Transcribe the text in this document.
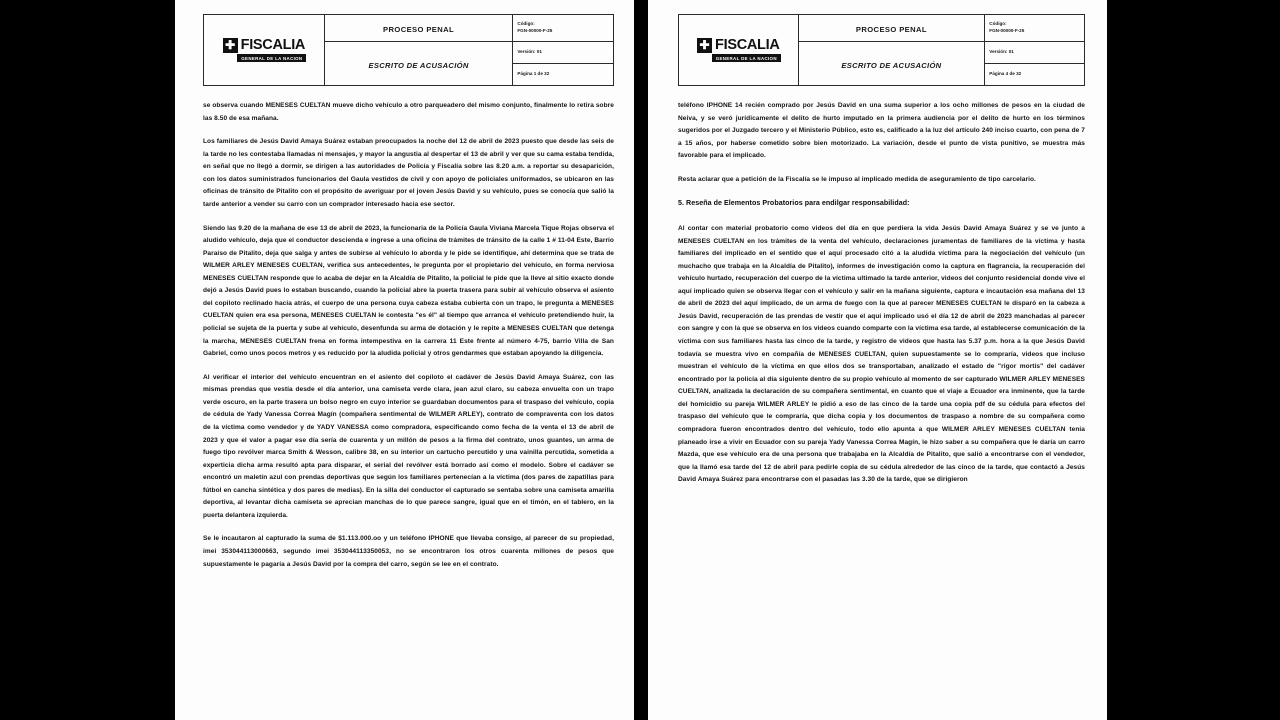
✚ FISCALIA
GENERAL DE LA NACION
	PROCESO PENAL	
Código:
FGN-00000-F-25

	ESCRITO DE ACUSACIÓN	Versión: 01

		Página 1 de 32

se observa cuando MENESES CUELTAN mueve dicho vehículo a otro parqueadero del mismo conjunto, finalmente lo retira sobre las 8.50 de esa mañana.

Los familiares de Jesús David Amaya Suárez estaban preocupados la noche del 12 de abril de 2023 puesto que desde las seis de la tarde no les contestaba llamadas ni mensajes, y mayor la angustia al despertar el 13 de abril y ver que su cama estaba tendida, en señal que no llegó a dormir, se dirigen a las autoridades de Policía y Fiscalía sobre las 8.20 a.m. a reportar su desaparición, con los datos suministrados funcionarios del Gaula vestidos de civil y con apoyo de policiales uniformados, se ubicaron en las oficinas de tránsito de Pitalito con el propósito de averiguar por el joven Jesús David y su vehículo, pues se conocía que salió la tarde anterior a vender su carro con un comprador interesado hacia ese sector.

Siendo las 9.20 de la mañana de ese 13 de abril de 2023, la funcionaria de la Policía Gaula Viviana Marcela Tique Rojas observa el aludido vehículo, deja que el conductor descienda e ingrese a una oficina de trámites de tránsito de la calle 1 # 11-04 Este, Barrio Paraíso de Pitalito, deja que salga y antes de subirse al vehículo lo aborda y le pide se identifique, ahí determina que se trata de WILMER ARLEY MENESES CUELTAN, verifica sus antecedentes, le pregunta por el propietario del vehículo, en forma nerviosa MENESES CUELTAN responde que lo acaba de dejar en la Alcaldía de Pitalito, la policial le pide que la lleve al sitio exacto donde dejó a Jesús David pues lo estaban buscando, cuando la policial abre la puerta trasera para subir al vehículo observa el asiento del copiloto reclinado hacia atrás, el cuerpo de una persona cuya cabeza estaba cubierta con un trapo, le pregunta a MENESES CUELTAN quien era esa persona, MENESES CUELTAN le contesta "es él" al tiempo que arranca el vehículo pretendiendo huir, la policial se sujeta de la puerta y sube al vehículo, desenfunda su arma de dotación y le repite a MENESES CUELTAN que detenga la marcha, MENESES CUELTAN frena en forma intempestiva en la carrera 11 Este frente al número 4-75, barrio Villa de San Gabriel, como unos pocos metros y es reducido por la aludida policial y otros gendarmes que estaban apoyando la diligencia.

Al verificar el interior del vehículo encuentran en el asiento del copiloto el cadáver de Jesús David Amaya Suárez, con las mismas prendas que vestía desde el día anterior, una camiseta verde clara, jean azul claro, su cabeza envuelta con un trapo verde oscuro, en la parte trasera un bolso negro en cuyo interior se guardaban documentos para el traspaso del vehículo, copia de cédula de Yady Vanessa Correa Magín (compañera sentimental de WILMER ARLEY), contrato de compraventa con los datos de la víctima como vendedor y de YADY VANESSA como compradora, especificando como fecha de la venta el 13 de abril de 2023 y que el valor a pagar ese día sería de cuarenta y un millón de pesos a la firma del contrato, unos guantes, un arma de fuego tipo revólver marca Smith & Wesson, calibre 38, en su interior un cartucho percutido y una vainilla percutida, sometida a experticia dicha arma resultó apta para disparar, el serial del revólver está borrado así como el modelo. Sobre el cadáver se encontró un maletín azul con prendas deportivas que según los familiares pertenecían a la víctima (dos pares de zapatillas para fútbol en cancha sintética y dos pares de medias). En la silla del conductor el capturado se sentaba sobre una camiseta amarilla deportiva, al levantar dicha camiseta se aprecian manchas de lo que parece sangre, igual que en el timón, en el tablero, en la puerta delantera izquierda.

Se le incautaron al capturado la suma de $1.113.000.oo y un teléfono IPHONE que llevaba consigo, al parecer de su propiedad, imei 353044113000663, segundo imei 353044113350053, no se encontraron los otros cuarenta millones de pesos que supuestamente le pagaría a Jesús David por la compra del carro, según se lee en el contrato.

✚ FISCALIA
GENERAL DE LA NACION
	PROCESO PENAL	
Código:
FGN-00000-F-25

	ESCRITO DE ACUSACIÓN	Versión: 01

		Página 4 de 32

teléfono IPHONE 14 recién comprado por Jesús David en una suma superior a los ocho millones de pesos en la ciudad de Neiva, y se veró jurídicamente el delito de hurto imputado en la primera audiencia por el delito de hurto en los términos sugeridos por el Juzgado tercero y el Ministerio Público, esto es, calificado a la luz del artículo 240 inciso cuarto, con pena de 7 a 15 años, por haberse cometido sobre bien motorizado. La variación, desde el punto de vista punitivo, se muestra más favorable para el implicado.

Resta aclarar que a petición de la Fiscalía se le impuso al implicado medida de aseguramiento de tipo carcelario.

5. Reseña de Elementos Probatorios para endilgar responsabilidad:

Al contar con material probatorio como videos del día en que perdiera la vida Jesús David Amaya Suárez y se ve junto a MENESES CUELTAN en los trámites de la venta del vehículo, declaraciones juramentas de familiares de la víctima y hasta familiares del implicado en el sentido que el aquí procesado citó a la aludida víctima para la negociación del vehículo (un muchacho que trabaja en la Alcaldía de Pitalito), informes de investigación como la captura en flagrancia, la recuperación del vehículo hurtado, recuperación del cuerpo de la víctima ultimado la tarde anterior, videos del conjunto residencial donde vive el aquí implicado quien se observa llegar con el vehículo y salir en la mañana siguiente, captura e incautación esa mañana del 13 de abril de 2023 del aquí implicado, de un arma de fuego con la que al parecer MENESES CUELTAN le disparó en la cabeza a Jesús David, recuperación de las prendas de vestir que el aquí implicado usó el día 12 de abril de 2023 manchadas al parecer con sangre y con la que se observa en los videos cuando comparte con la víctima esa tarde, al establecerse comunicación de la víctima con sus familiares hasta las cinco de la tarde, y registro de videos que hasta las 5.37 p.m. hora a la que Jesús David todavía se muestra vivo en compañía de MENESES CUELTAN, quien supuestamente se lo compraría, videos que incluso muestran el vehículo de la víctima en que ellos dos se transportaban, analizado el estado de "rigor mortis" del cadáver encontrado por la policía al día siguiente dentro de su propio vehículo al momento de ser capturado WILMER ARLEY MENESES CUELTAN, analizada la declaración de su compañera sentimental, en cuanto que el viaje a Ecuador era inminente, que la tarde del homicidio su pareja WILMER ARLEY le pidió a eso de las cinco de la tarde una copia pdf de su cédula para efectos del traspaso del vehículo que le compraría, que dicha copia y los documentos de traspaso a nombre de su compañera como compradora fueron encontrados dentro del vehículo, todo ello apunta a que WILMER ARLEY MENESES CUELTAN tenía planeado irse a vivir en Ecuador con su pareja Yady Vanessa Correa Magín, le hizo saber a su compañera que le daría un carro Mazda, que ese vehículo era de una persona que trabajaba en la Alcaldía de Pitalito, que salió a encontrarse con el vendedor, que la llamó esa tarde del 12 de abril para pedirle copia de su cédula alrededor de las cinco de la tarde, que contactó a Jesús David Amaya Suárez para encontrarse con el pasadas las 3.30 de la tarde, que se dirigieron
